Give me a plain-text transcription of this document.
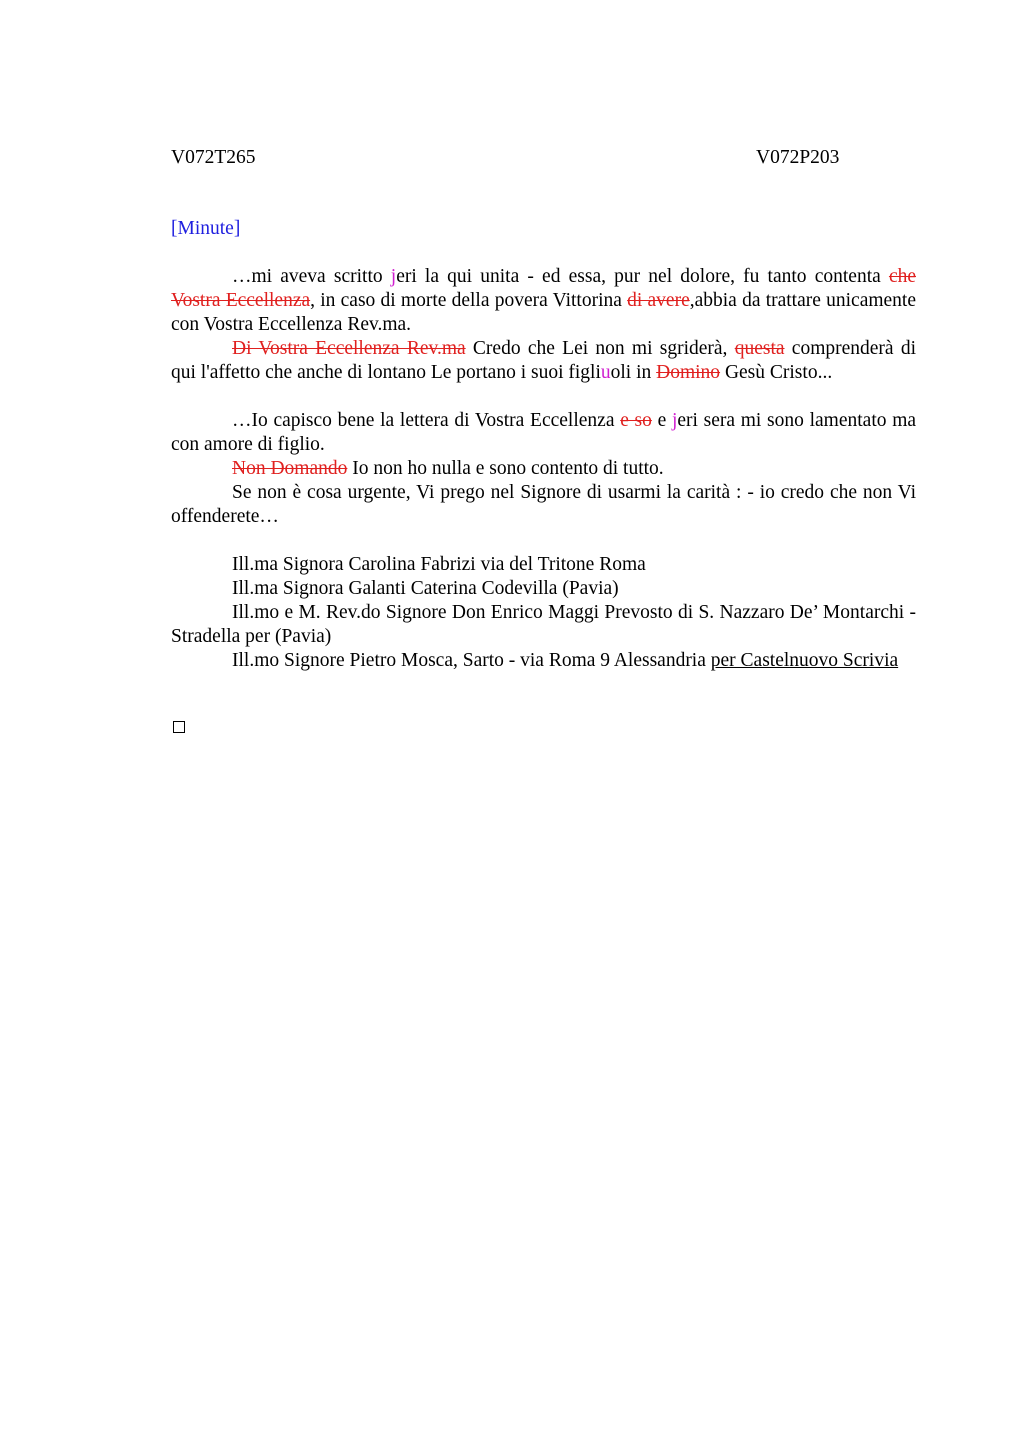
V072T265	V072P203
[Minute]

…mi aveva scritto jeri la qui unita - ed essa, pur nel dolore, fu tanto contenta che Vostra Eccellenza, in caso di morte della povera Vittorina di avere,abbia da trattare unicamente con Vostra Eccellenza Rev.ma.

Di Vostra Eccellenza Rev.ma Credo che Lei non mi sgriderà, questa comprenderà di qui l'affetto che anche di lontano Le portano i suoi figliuoli in Domino Gesù Cristo...

…Io capisco bene la lettera di Vostra Eccellenza e so e jeri sera mi sono lamentato ma con amore di figlio.

Non Domando Io non ho nulla e sono contento di tutto.

Se non è cosa urgente, Vi prego nel Signore di usarmi la carità : - io credo che non Vi offenderete…

Ill.ma Signora Carolina Fabrizi via del Tritone Roma

Ill.ma Signora Galanti Caterina Codevilla (Pavia)

Ill.mo e M. Rev.do Signore Don Enrico Maggi Prevosto di S. Nazzaro De’ Montarchi - Stradella per (Pavia)

Ill.mo Signore Pietro Mosca, Sarto - via Roma 9 Alessandria per Castelnuovo Scrivia
